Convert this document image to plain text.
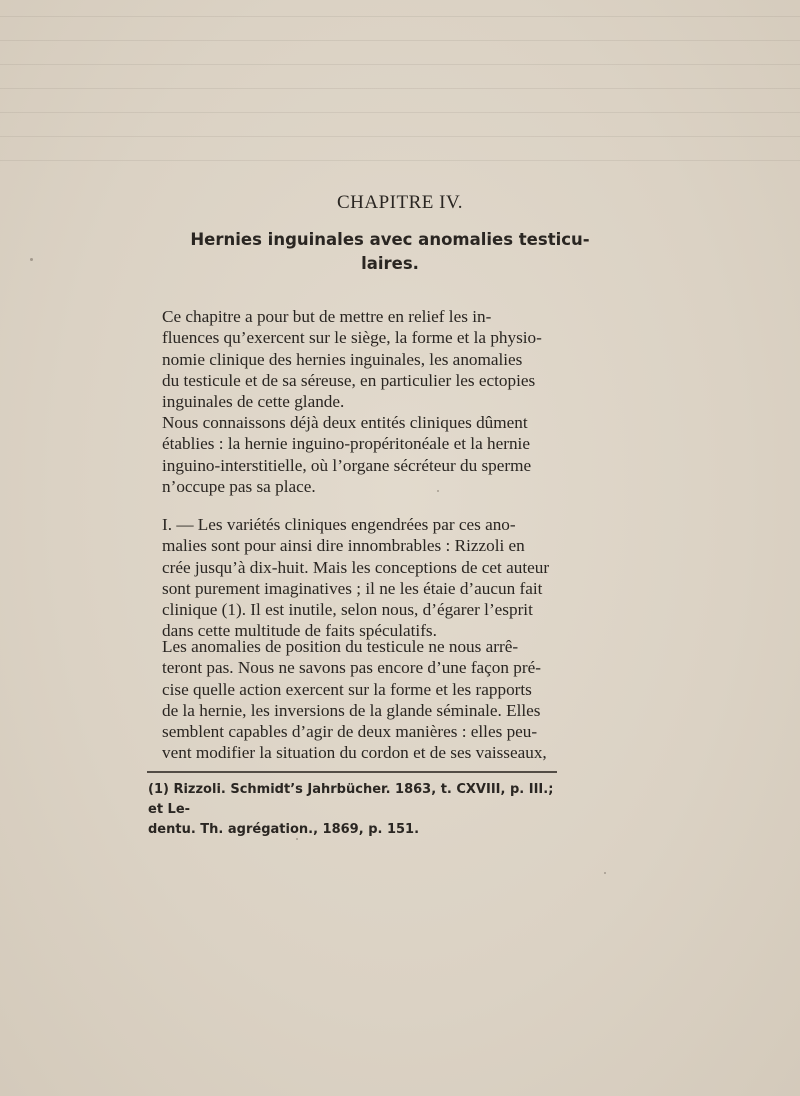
CHAPITRE IV.
Hernies inguinales avec anomalies testicu-
laires.

Ce chapitre a pour but de mettre en relief les in-

fluences qu’exercent sur le siège, la forme et la physio-

nomie clinique des hernies inguinales, les anomalies

du testicule et de sa séreuse, en particulier les ectopies

inguinales de cette glande.

Nous connaissons déjà deux entités cliniques dûment

établies : la hernie inguino-propéritonéale et la hernie

inguino-interstitielle, où l’organe sécréteur du sperme

n’occupe pas sa place.

I. — Les variétés cliniques engendrées par ces ano-

malies sont pour ainsi dire innombrables : Rizzoli en

crée jusqu’à dix-huit. Mais les conceptions de cet auteur

sont purement imaginatives ; il ne les étaie d’aucun fait

clinique (1). Il est inutile, selon nous, d’égarer l’esprit

dans cette multitude de faits spéculatifs.

Les anomalies de position du testicule ne nous arrê-

teront pas. Nous ne savons pas encore d’une façon pré-

cise quelle action exercent sur la forme et les rapports

de la hernie, les inversions de la glande séminale. Elles

semblent capables d’agir de deux manières : elles peu-

vent modifier la situation du cordon et de ses vaisseaux,

(1) Rizzoli. Schmidt’s Jahrbücher. 1863, t. CXVIII, p. III.; et Le-
dentu. Th. agrégation., 1869, p. 151.
